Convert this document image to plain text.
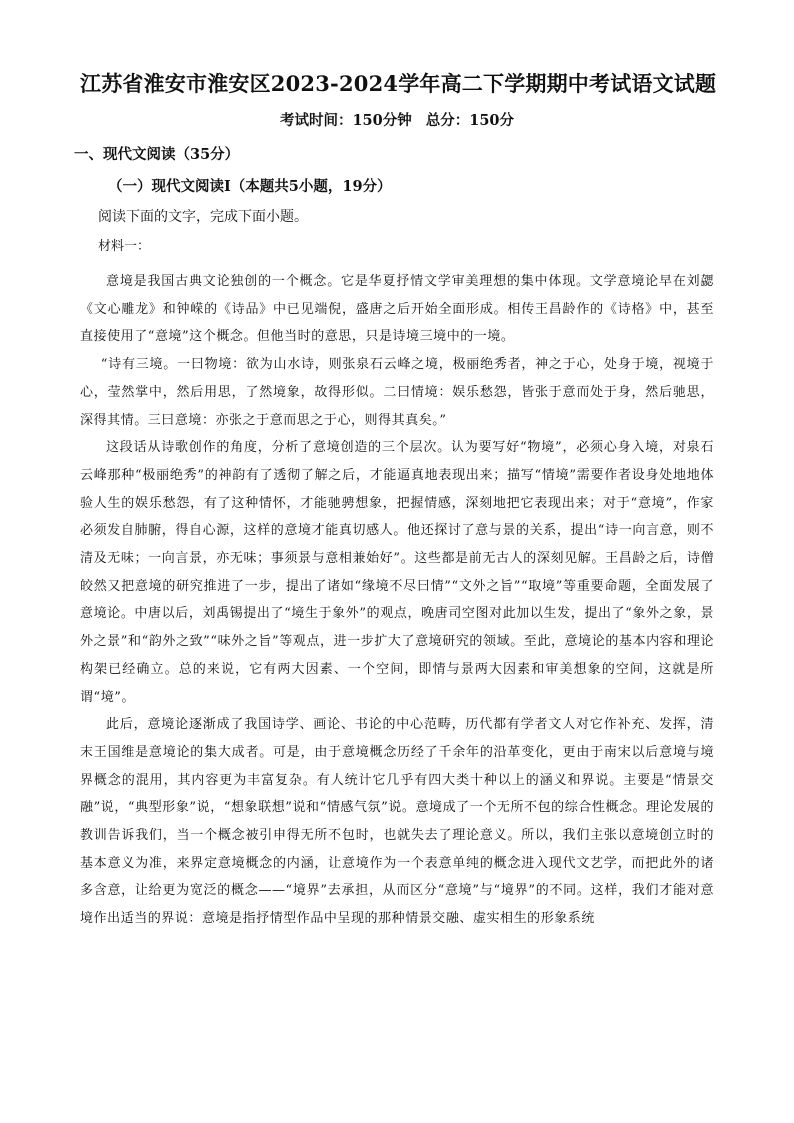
江苏省淮安市淮安区2023-2024学年高二下学期期中考试语文试题
考试时间：150分钟 总分：150分
一、现代文阅读（35分）
（一）现代文阅读Ⅰ（本题共5小题，19分）
阅读下面的文字，完成下面小题。
材料一：

意境是我国古典文论独创的一个概念。它是华夏抒情文学审美理想的集中体现。文学意境论早在刘勰《文心雕龙》和钟嵘的《诗品》中已见端倪，盛唐之后开始全面形成。相传王昌龄作的《诗格》中，甚至直接使用了“意境”这个概念。但他当时的意思，只是诗境三境中的一境。

“诗有三境。一曰物境：欲为山水诗，则张泉石云峰之境，极丽绝秀者，神之于心，处身于境，视境于心，莹然掌中，然后用思，了然境象，故得形似。二曰情境：娱乐愁怨，皆张于意而处于身，然后驰思，深得其情。三曰意境：亦张之于意而思之于心，则得其真矣。”

这段话从诗歌创作的角度，分析了意境创造的三个层次。认为要写好“物境”，必须心身入境，对泉石云峰那种“极丽绝秀”的神韵有了透彻了解之后，才能逼真地表现出来；描写“情境”需要作者设身处地地体验人生的娱乐愁怨，有了这种情怀，才能驰骋想象，把握情感，深刻地把它表现出来；对于“意境”，作家必须发自肺腑，得自心源，这样的意境才能真切感人。他还探讨了意与景的关系，提出“诗一向言意，则不清及无味；一向言景，亦无味；事须景与意相兼始好”。这些都是前无古人的深刻见解。王昌龄之后，诗僧皎然又把意境的研究推进了一步，提出了诸如“缘境不尽曰情”“文外之旨”“取境”等重要命题，全面发展了意境论。中唐以后，刘禹锡提出了“境生于象外”的观点，晚唐司空图对此加以生发，提出了“象外之象，景外之景”和“韵外之致”“味外之旨”等观点，进一步扩大了意境研究的领域。至此，意境论的基本内容和理论构架已经确立。总的来说，它有两大因素、一个空间，即情与景两大因素和审美想象的空间，这就是所谓“境”。

此后，意境论逐渐成了我国诗学、画论、书论的中心范畴，历代都有学者文人对它作补充、发挥，清末王国维是意境论的集大成者。可是，由于意境概念历经了千余年的沿革变化，更由于南宋以后意境与境界概念的混用，其内容更为丰富复杂。有人统计它几乎有四大类十种以上的涵义和界说。主要是“情景交融”说，“典型形象”说，“想象联想”说和“情感气氛”说。意境成了一个无所不包的综合性概念。理论发展的教训告诉我们，当一个概念被引申得无所不包时，也就失去了理论意义。所以，我们主张以意境创立时的基本意义为准，来界定意境概念的内涵，让意境作为一个表意单纯的概念进入现代文艺学，而把此外的诸多含意，让给更为宽泛的概念——“境界”去承担，从而区分“意境”与“境界”的不同。这样，我们才能对意境作出适当的界说：意境是指抒情型作品中呈现的那种情景交融、虚实相生的形象系统
